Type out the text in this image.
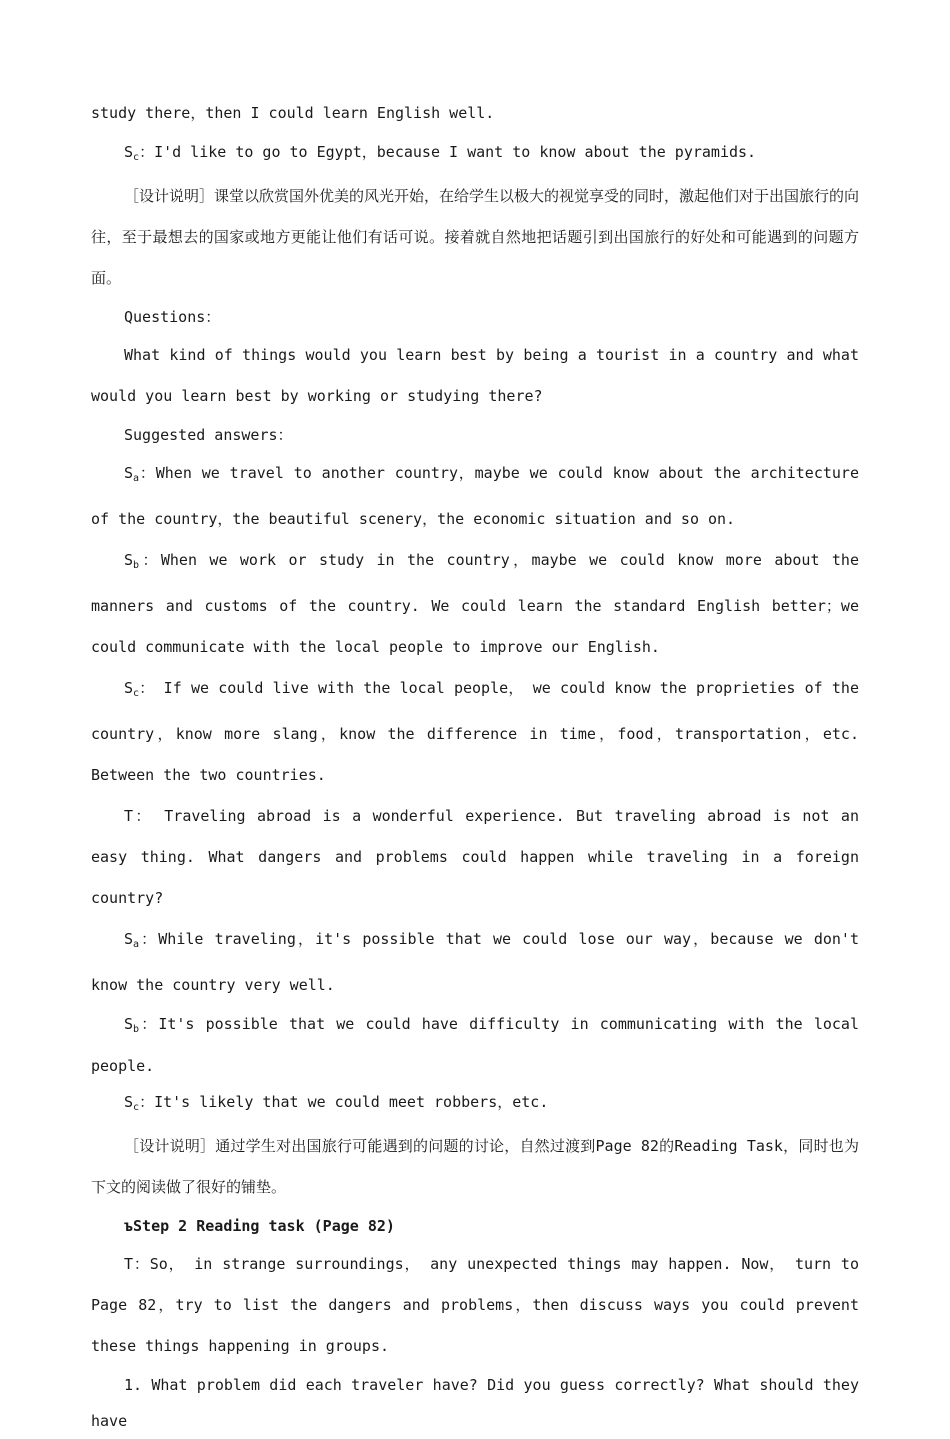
study there，then I could learn English well.

$S_c$：I'd like to go to Egypt，because I want to know about the pyramids.

［设计说明］课堂以欣赏国外优美的风光开始，在给学生以极大的视觉享受的同时，激起他们对于出国旅行的向往，至于最想去的国家或地方更能让他们有话可说。接着就自然地把话题引到出国旅行的好处和可能遇到的问题方面。

Questions：

What kind of things would you learn best by being a tourist in a country and what would you learn best by working or studying there?

Suggested answers：

$S_a$：When we travel to another country，maybe we could know about the architecture of the country，the beautiful scenery，the economic situation and so on.

$S_b$：When we work or study in the country，maybe we could know more about the manners and customs of the country. We could learn the standard English better；we could communicate with the local people to improve our English.

$S_c$： If we could live with the local people， we could know the proprieties of the country，know more slang，know the difference in time，food，transportation，etc. Between the two countries.

T： Traveling abroad is a wonderful experience. But traveling abroad is not an easy thing. What dangers and problems could happen while traveling in a foreign country?

$S_a$：While traveling，it's possible that we could lose our way，because we don't know the country very well.

$S_b$：It's possible that we could have difficulty in communicating with the local people.

$S_c$：It's likely that we could meet robbers，etc.

［设计说明］通过学生对出国旅行可能遇到的问题的讨论，自然过渡到Page 82的Reading Task，同时也为下文的阅读做了很好的铺垫。

ъStep 2 Reading task (Page 82)

T：So， in strange surroundings， any unexpected things may happen. Now， turn to Page 82，try to list the dangers and problems，then discuss ways you could prevent these things happening in groups.

1. What problem did each traveler have? Did you guess correctly? What should they have
